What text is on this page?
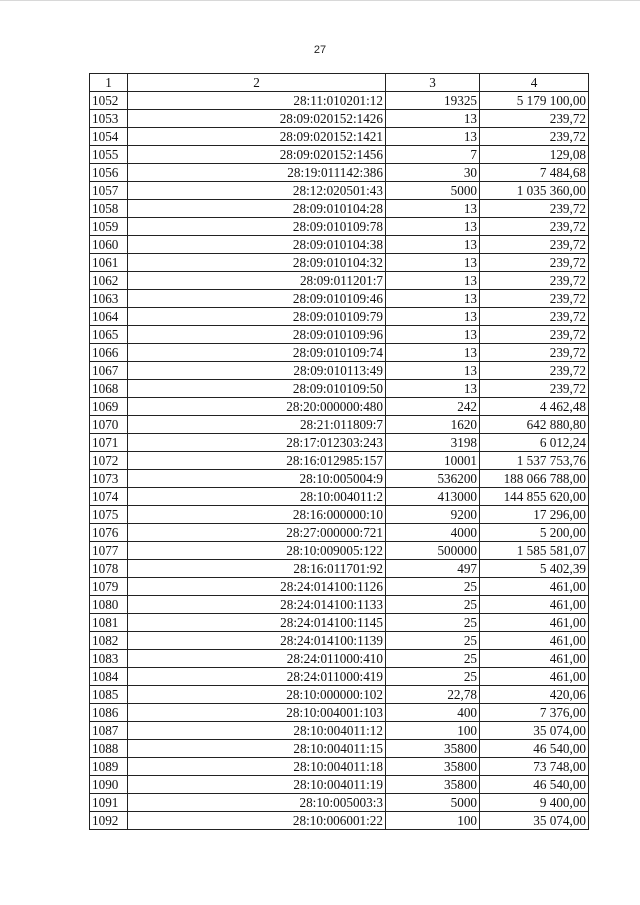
27
1	2	3	4
1052	28:11:010201:12	19325	5 179 100,00
1053	28:09:020152:1426	13	239,72
1054	28:09:020152:1421	13	239,72
1055	28:09:020152:1456	7	129,08
1056	28:19:011142:386	30	7 484,68
1057	28:12:020501:43	5000	1 035 360,00
1058	28:09:010104:28	13	239,72
1059	28:09:010109:78	13	239,72
1060	28:09:010104:38	13	239,72
1061	28:09:010104:32	13	239,72
1062	28:09:011201:7	13	239,72
1063	28:09:010109:46	13	239,72
1064	28:09:010109:79	13	239,72
1065	28:09:010109:96	13	239,72
1066	28:09:010109:74	13	239,72
1067	28:09:010113:49	13	239,72
1068	28:09:010109:50	13	239,72
1069	28:20:000000:480	242	4 462,48
1070	28:21:011809:7	1620	642 880,80
1071	28:17:012303:243	3198	6 012,24
1072	28:16:012985:157	10001	1 537 753,76
1073	28:10:005004:9	536200	188 066 788,00
1074	28:10:004011:2	413000	144 855 620,00
1075	28:16:000000:10	9200	17 296,00
1076	28:27:000000:721	4000	5 200,00
1077	28:10:009005:122	500000	1 585 581,07
1078	28:16:011701:92	497	5 402,39
1079	28:24:014100:1126	25	461,00
1080	28:24:014100:1133	25	461,00
1081	28:24:014100:1145	25	461,00
1082	28:24:014100:1139	25	461,00
1083	28:24:011000:410	25	461,00
1084	28:24:011000:419	25	461,00
1085	28:10:000000:102	22,78	420,06
1086	28:10:004001:103	400	7 376,00
1087	28:10:004011:12	100	35 074,00
1088	28:10:004011:15	35800	46 540,00
1089	28:10:004011:18	35800	73 748,00
1090	28:10:004011:19	35800	46 540,00
1091	28:10:005003:3	5000	9 400,00
1092	28:10:006001:22	100	35 074,00
